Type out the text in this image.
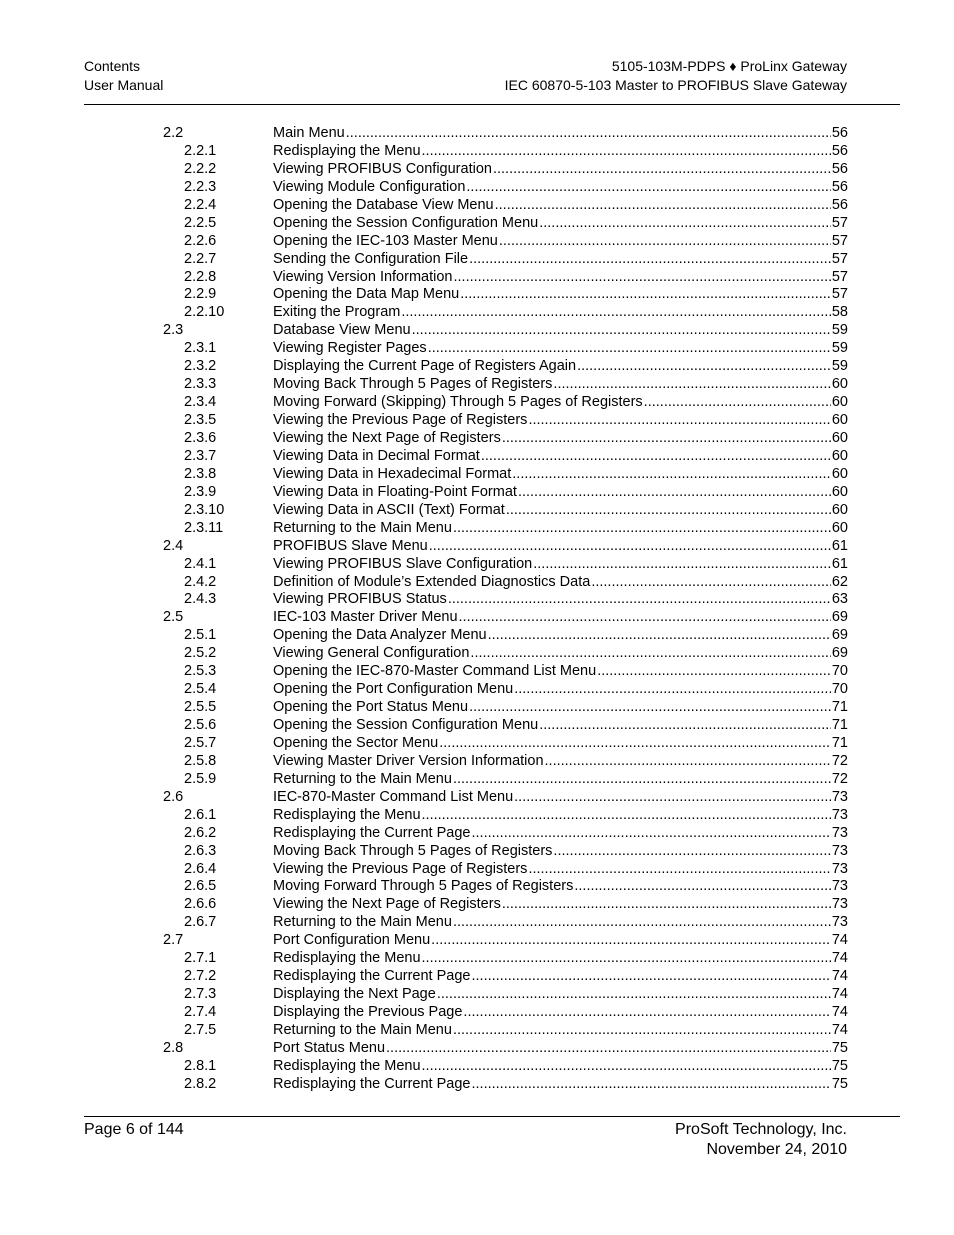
Contents
User Manual
5105-103M-PDPS ♦ ProLinx Gateway
IEC 60870-5-103 Master to PROFIBUS Slave Gateway
2.2	Main Menu .....	56
2.2.1	Redisplaying the Menu .....	56
2.2.2	Viewing PROFIBUS Configuration .....	56
2.2.3	Viewing Module Configuration .....	56
2.2.4	Opening the Database View Menu .....	56
2.2.5	Opening the Session Configuration Menu .....	57
2.2.6	Opening the IEC-103 Master Menu .....	57
2.2.7	Sending the Configuration File .....	57
2.2.8	Viewing Version Information .....	57
2.2.9	Opening the Data Map Menu .....	57
2.2.10	Exiting the Program .....	58
2.3	Database View Menu .....	59
2.3.1	Viewing Register Pages .....	59
2.3.2	Displaying the Current Page of Registers Again .....	59
2.3.3	Moving Back Through 5 Pages of Registers .....	60
2.3.4	Moving Forward (Skipping) Through 5 Pages of Registers .....	60
2.3.5	Viewing the Previous Page of Registers .....	60
2.3.6	Viewing the Next Page of Registers .....	60
2.3.7	Viewing Data in Decimal Format .....	60
2.3.8	Viewing Data in Hexadecimal Format .....	60
2.3.9	Viewing Data in Floating-Point Format .....	60
2.3.10	Viewing Data in ASCII (Text) Format .....	60
2.3.11	Returning to the Main Menu .....	60
2.4	PROFIBUS Slave Menu .....	61
2.4.1	Viewing PROFIBUS Slave Configuration .....	61
2.4.2	Definition of Module’s Extended Diagnostics Data .....	62
2.4.3	Viewing PROFIBUS Status .....	63
2.5	IEC-103 Master Driver Menu .....	69
2.5.1	Opening the Data Analyzer Menu .....	69
2.5.2	Viewing General Configuration .....	69
2.5.3	Opening the IEC-870-Master Command List Menu .....	70
2.5.4	Opening the Port Configuration Menu .....	70
2.5.5	Opening the Port Status Menu .....	71
2.5.6	Opening the Session Configuration Menu .....	71
2.5.7	Opening the Sector Menu .....	71
2.5.8	Viewing Master Driver Version Information .....	72
2.5.9	Returning to the Main Menu .....	72
2.6	IEC-870-Master Command List Menu .....	73
2.6.1	Redisplaying the Menu .....	73
2.6.2	Redisplaying the Current Page .....	73
2.6.3	Moving Back Through 5 Pages of Registers .....	73
2.6.4	Viewing the Previous Page of Registers .....	73
2.6.5	Moving Forward Through 5 Pages of Registers .....	73
2.6.6	Viewing the Next Page of Registers .....	73
2.6.7	Returning to the Main Menu .....	73
2.7	Port Configuration Menu .....	74
2.7.1	Redisplaying the Menu .....	74
2.7.2	Redisplaying the Current Page .....	74
2.7.3	Displaying the Next Page .....	74
2.7.4	Displaying the Previous Page .....	74
2.7.5	Returning to the Main Menu .....	74
2.8	Port Status Menu .....	75
2.8.1	Redisplaying the Menu .....	75
2.8.2	Redisplaying the Current Page .....	75
Page 6 of 144	ProSoft Technology, Inc.
November 24, 2010
